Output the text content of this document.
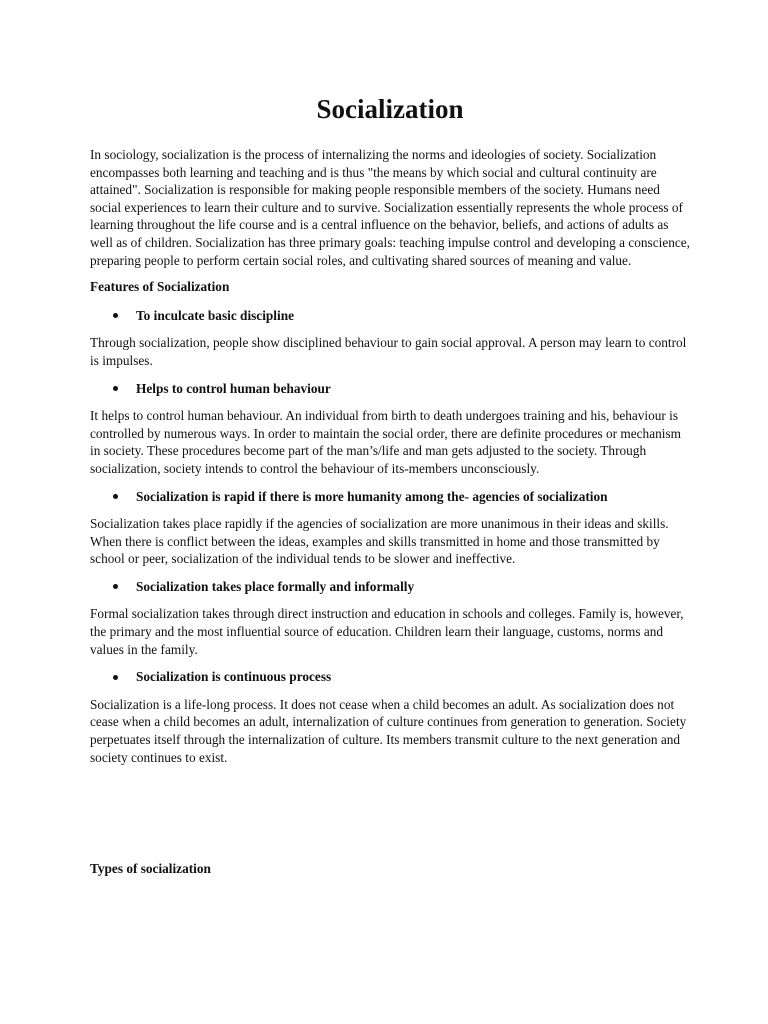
Socialization

In sociology, socialization is the process of internalizing the norms and ideologies of society. Socialization encompasses both learning and teaching and is thus "the means by which social and cultural continuity are attained". Socialization is responsible for making people responsible members of the society. Humans need social experiences to learn their culture and to survive. Socialization essentially represents the whole process of learning throughout the life course and is a central influence on the behavior, beliefs, and actions of adults as well as of children. Socialization has three primary goals: teaching impulse control and developing a conscience, preparing people to perform certain social roles, and cultivating shared sources of meaning and value.

Features of Socialization

To inculcate basic discipline

Through socialization, people show disciplined behaviour to gain social approval. A person may learn to control is impulses.

Helps to control human behaviour

It helps to control human behaviour. An individual from birth to death undergoes training and his, behaviour is controlled by numerous ways. In order to maintain the social order, there are definite procedures or mechanism in society. These procedures become part of the man’s/life and man gets adjusted to the society. Through socialization, society intends to control the behaviour of its-members unconsciously.

Socialization is rapid if there is more humanity among the- agencies of socialization

Socialization takes place rapidly if the agencies of socialization are more unanimous in their ideas and skills. When there is conflict between the ideas, examples and skills transmitted in home and those transmitted by school or peer, socialization of the individual tends to be slower and ineffective.

Socialization takes place formally and informally

Formal socialization takes through direct instruction and education in schools and colleges. Family is, however, the primary and the most influential source of education. Children learn their language, customs, norms and values in the family.

Socialization is continuous process

Socialization is a life-long process. It does not cease when a child becomes an adult. As socialization does not cease when a child becomes an adult, internalization of culture continues from generation to generation. Society perpetuates itself through the internalization of culture. Its members transmit culture to the next generation and society continues to exist.

Types of socialization
